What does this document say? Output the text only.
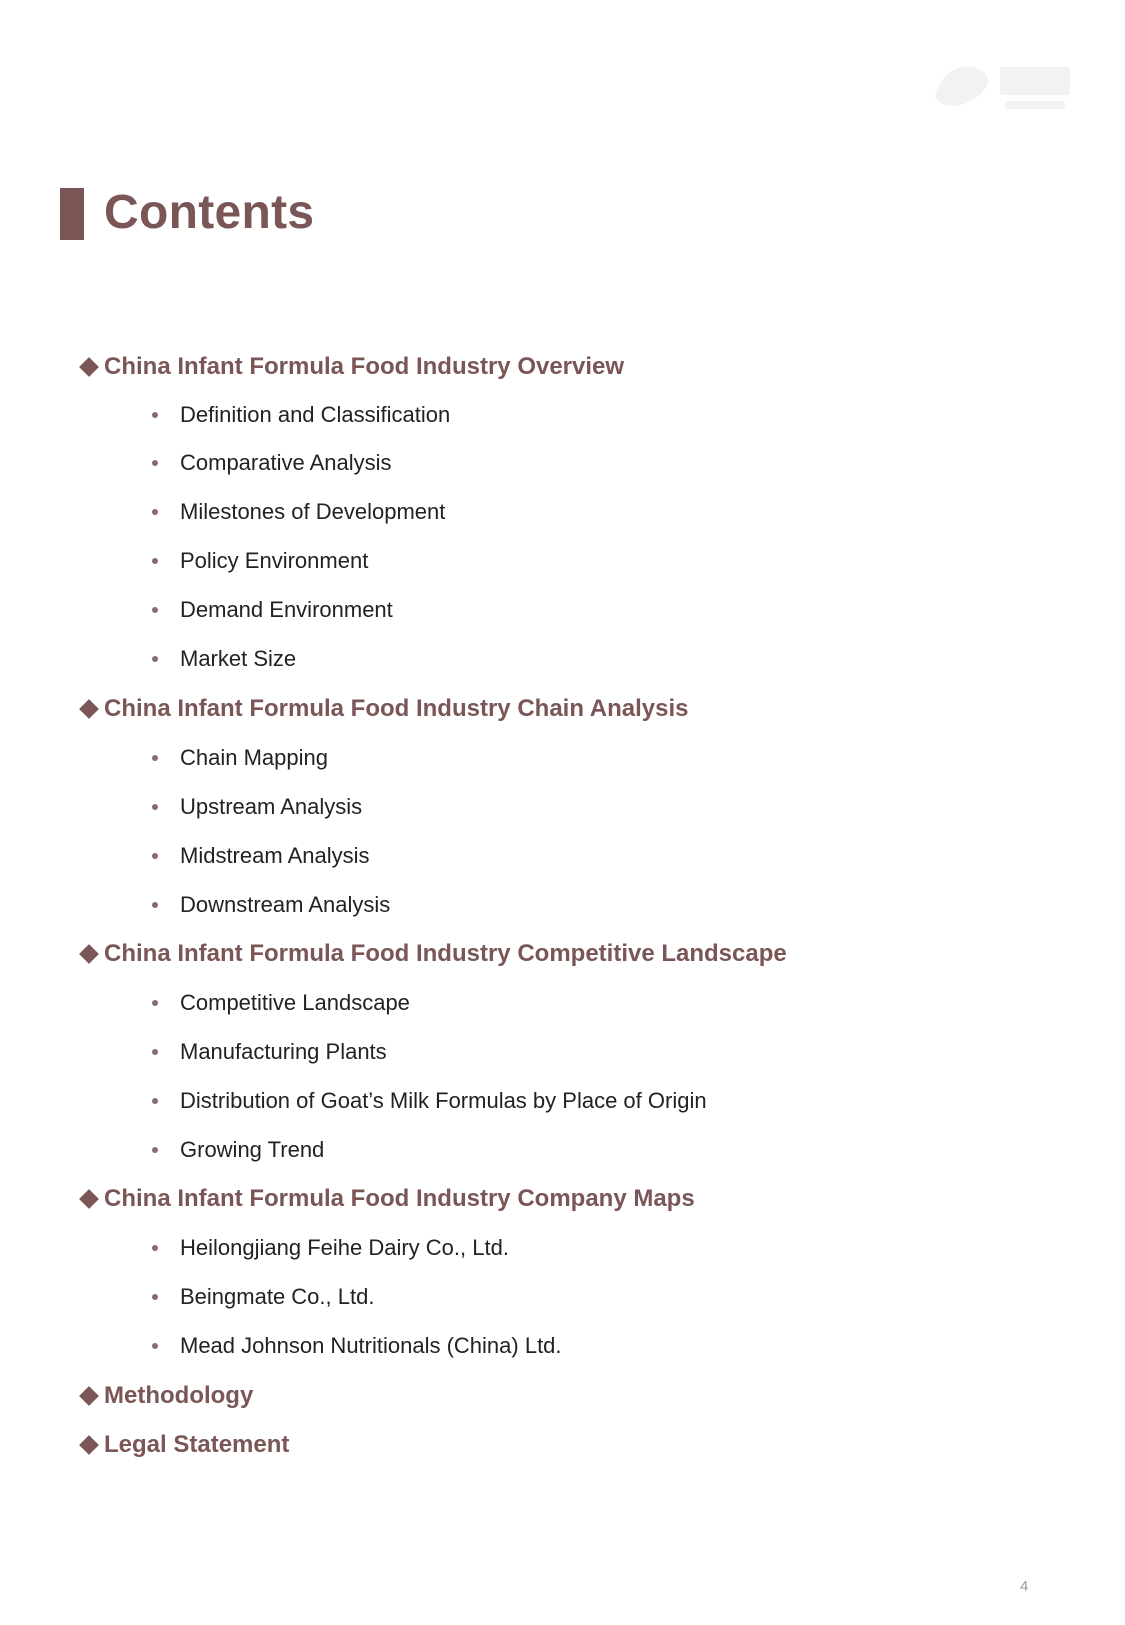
Contents
China Infant Formula Food Industry Overview
Definition and Classification
Comparative Analysis
Milestones of Development
Policy Environment
Demand Environment
Market Size
China Infant Formula Food Industry Chain Analysis
Chain Mapping
Upstream Analysis
Midstream Analysis
Downstream Analysis
China Infant Formula Food Industry Competitive Landscape
Competitive Landscape
Manufacturing Plants
Distribution of Goat’s Milk Formulas by Place of Origin
Growing Trend
China Infant Formula Food Industry Company Maps
Heilongjiang Feihe Dairy Co., Ltd.
Beingmate Co., Ltd.
Mead Johnson Nutritionals (China) Ltd.
Methodology
Legal Statement
4
